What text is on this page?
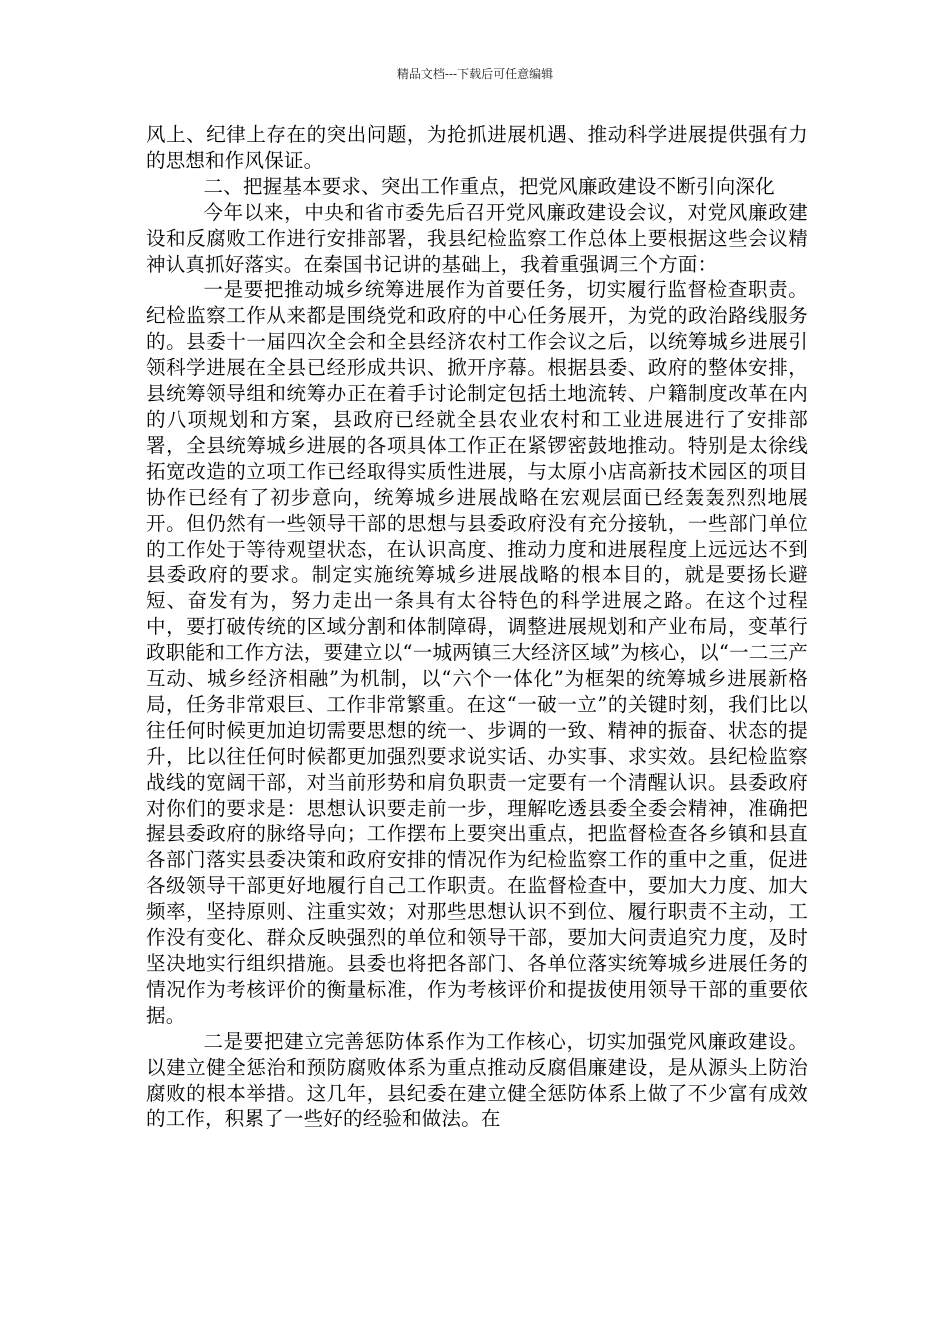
精品文档---下载后可任意编辑

风上、纪律上存在的突出问题，为抢抓进展机遇、推动科学进展提供强有力的思想和作风保证。

二、把握基本要求、突出工作重点，把党风廉政建设不断引向深化

今年以来，中央和省市委先后召开党风廉政建设会议，对党风廉政建设和反腐败工作进行安排部署，我县纪检监察工作总体上要根据这些会议精神认真抓好落实。在秦国书记讲的基础上，我着重强调三个方面：

一是要把推动城乡统筹进展作为首要任务，切实履行监督检查职责。纪检监察工作从来都是围绕党和政府的中心任务展开，为党的政治路线服务的。县委十一届四次全会和全县经济农村工作会议之后，以统筹城乡进展引领科学进展在全县已经形成共识、掀开序幕。根据县委、政府的整体安排，县统筹领导组和统筹办正在着手讨论制定包括土地流转、户籍制度改革在内的八项规划和方案，县政府已经就全县农业农村和工业进展进行了安排部署，全县统筹城乡进展的各项具体工作正在紧锣密鼓地推动。特别是太徐线拓宽改造的立项工作已经取得实质性进展，与太原小店高新技术园区的项目协作已经有了初步意向，统筹城乡进展战略在宏观层面已经轰轰烈烈地展开。但仍然有一些领导干部的思想与县委政府没有充分接轨，一些部门单位的工作处于等待观望状态，在认识高度、推动力度和进展程度上远远达不到县委政府的要求。制定实施统筹城乡进展战略的根本目的，就是要扬长避短、奋发有为，努力走出一条具有太谷特色的科学进展之路。在这个过程中，要打破传统的区域分割和体制障碍，调整进展规划和产业布局，变革行政职能和工作方法，要建立以“一城两镇三大经济区域”为核心，以“一二三产互动、城乡经济相融”为机制，以“六个一体化”为框架的统筹城乡进展新格局，任务非常艰巨、工作非常繁重。在这“一破一立”的关键时刻，我们比以往任何时候更加迫切需要思想的统一、步调的一致、精神的振奋、状态的提升，比以往任何时候都更加强烈要求说实话、办实事、求实效。县纪检监察战线的宽阔干部，对当前形势和肩负职责一定要有一个清醒认识。县委政府对你们的要求是：思想认识要走前一步，理解吃透县委全委会精神，准确把握县委政府的脉络导向；工作摆布上要突出重点，把监督检查各乡镇和县直各部门落实县委决策和政府安排的情况作为纪检监察工作的重中之重，促进各级领导干部更好地履行自己工作职责。在监督检查中，要加大力度、加大频率，坚持原则、注重实效；对那些思想认识不到位、履行职责不主动，工作没有变化、群众反映强烈的单位和领导干部，要加大问责追究力度，及时坚决地实行组织措施。县委也将把各部门、各单位落实统筹城乡进展任务的情况作为考核评价的衡量标准，作为考核评价和提拔使用领导干部的重要依据。

二是要把建立完善惩防体系作为工作核心，切实加强党风廉政建设。以建立健全惩治和预防腐败体系为重点推动反腐倡廉建设，是从源头上防治腐败的根本举措。这几年，县纪委在建立健全惩防体系上做了不少富有成效的工作，积累了一些好的经验和做法。在
